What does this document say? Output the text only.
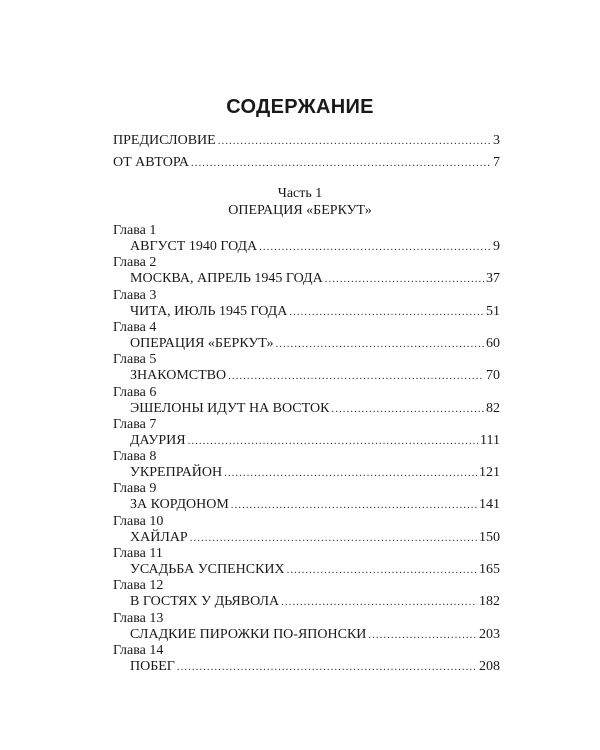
СОДЕРЖАНИЕ
ПРЕДИСЛОВИЕ .....	3
ОТ АВТОРА .....	7
Часть 1
ОПЕРАЦИЯ «БЕРКУТ»
Глава 1
АВГУСТ 1940 ГОДА .....	9
Глава 2
МОСКВА, АПРЕЛЬ 1945 ГОДА .....	37
Глава 3
ЧИТА, ИЮЛЬ 1945 ГОДА .....	51
Глава 4
ОПЕРАЦИЯ «БЕРКУТ» .....	60
Глава 5
ЗНАКОМСТВО .....	70
Глава 6
ЭШЕЛОНЫ ИДУТ НА ВОСТОК .....	82
Глава 7
ДАУРИЯ .....	111
Глава 8
УКРЕПРАЙОН .....	121
Глава 9
ЗА КОРДОНОМ .....	141
Глава 10
ХАЙЛАР .....	150
Глава 11
УСАДЬБА УСПЕНСКИХ .....	165
Глава 12
В ГОСТЯХ У ДЬЯВОЛА .....	182
Глава 13
СЛАДКИЕ ПИРОЖКИ ПО-ЯПОНСКИ .....	203
Глава 14
ПОБЕГ .....	208
